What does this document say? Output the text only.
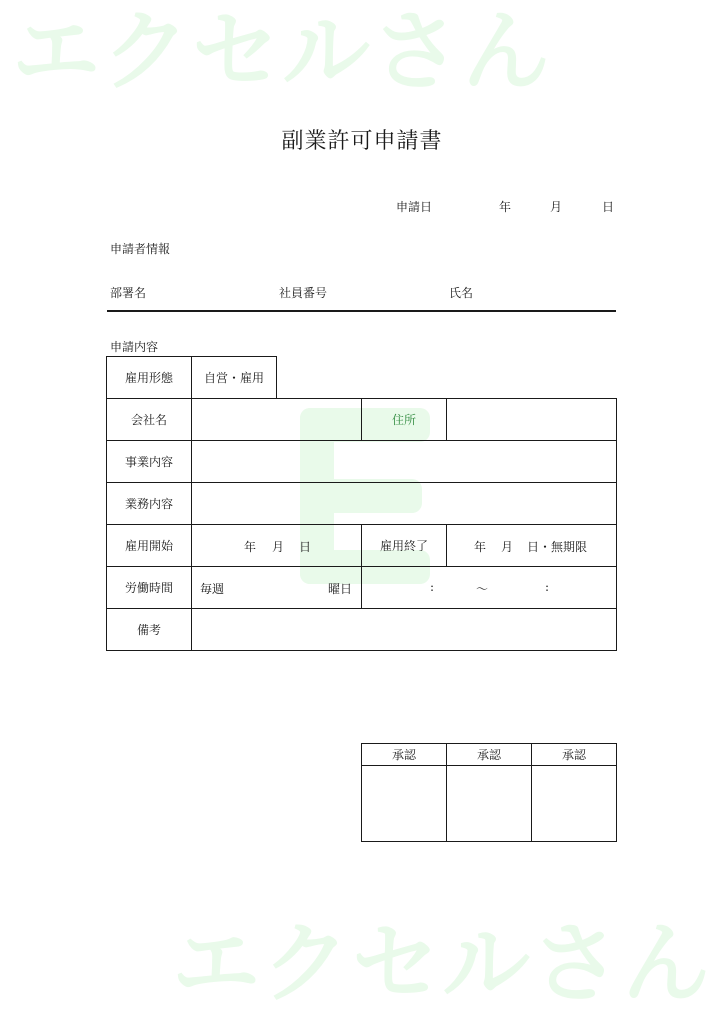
エクセルさん
エクセルさん
副業許可申請書
申請日	年	月	日
申請者情報
部署名	社員番号	氏名
申請内容
雇用形態	自営・雇用			
会社名			住所	
事業内容				
業務内容				
雇用開始	年 月 日		雇用終了	年 月 日・無期限

労働時間	毎週 曜日		: ～ :	

備考				
承認	承認	承認
